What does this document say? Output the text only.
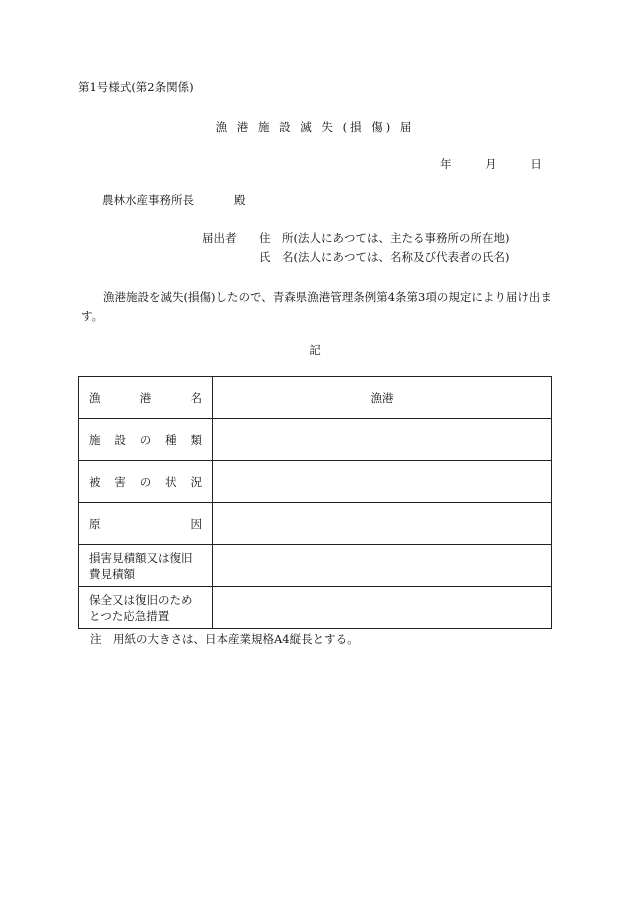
第1号様式(第2条関係)
漁 港 施 設 滅 失 (損 傷) 届
年	月	日
農林水産事務所長	殿
届出者 住　所(法人にあつては、主たる事務所の所在地)
氏　名(法人にあつては、名称及び代表者の氏名)
漁港施設を滅失(損傷)したので、青森県漁港管理条例第4条第3項の規定により届け出ます。
記
漁 港 名	漁港

施 設 の 種 類	

被 害 の 状 況	

原 因	

損害見積額又は復旧費見積額	

保全又は復旧のためとつた応急措置	

注　用紙の大きさは、日本産業規格A4縦長とする。
